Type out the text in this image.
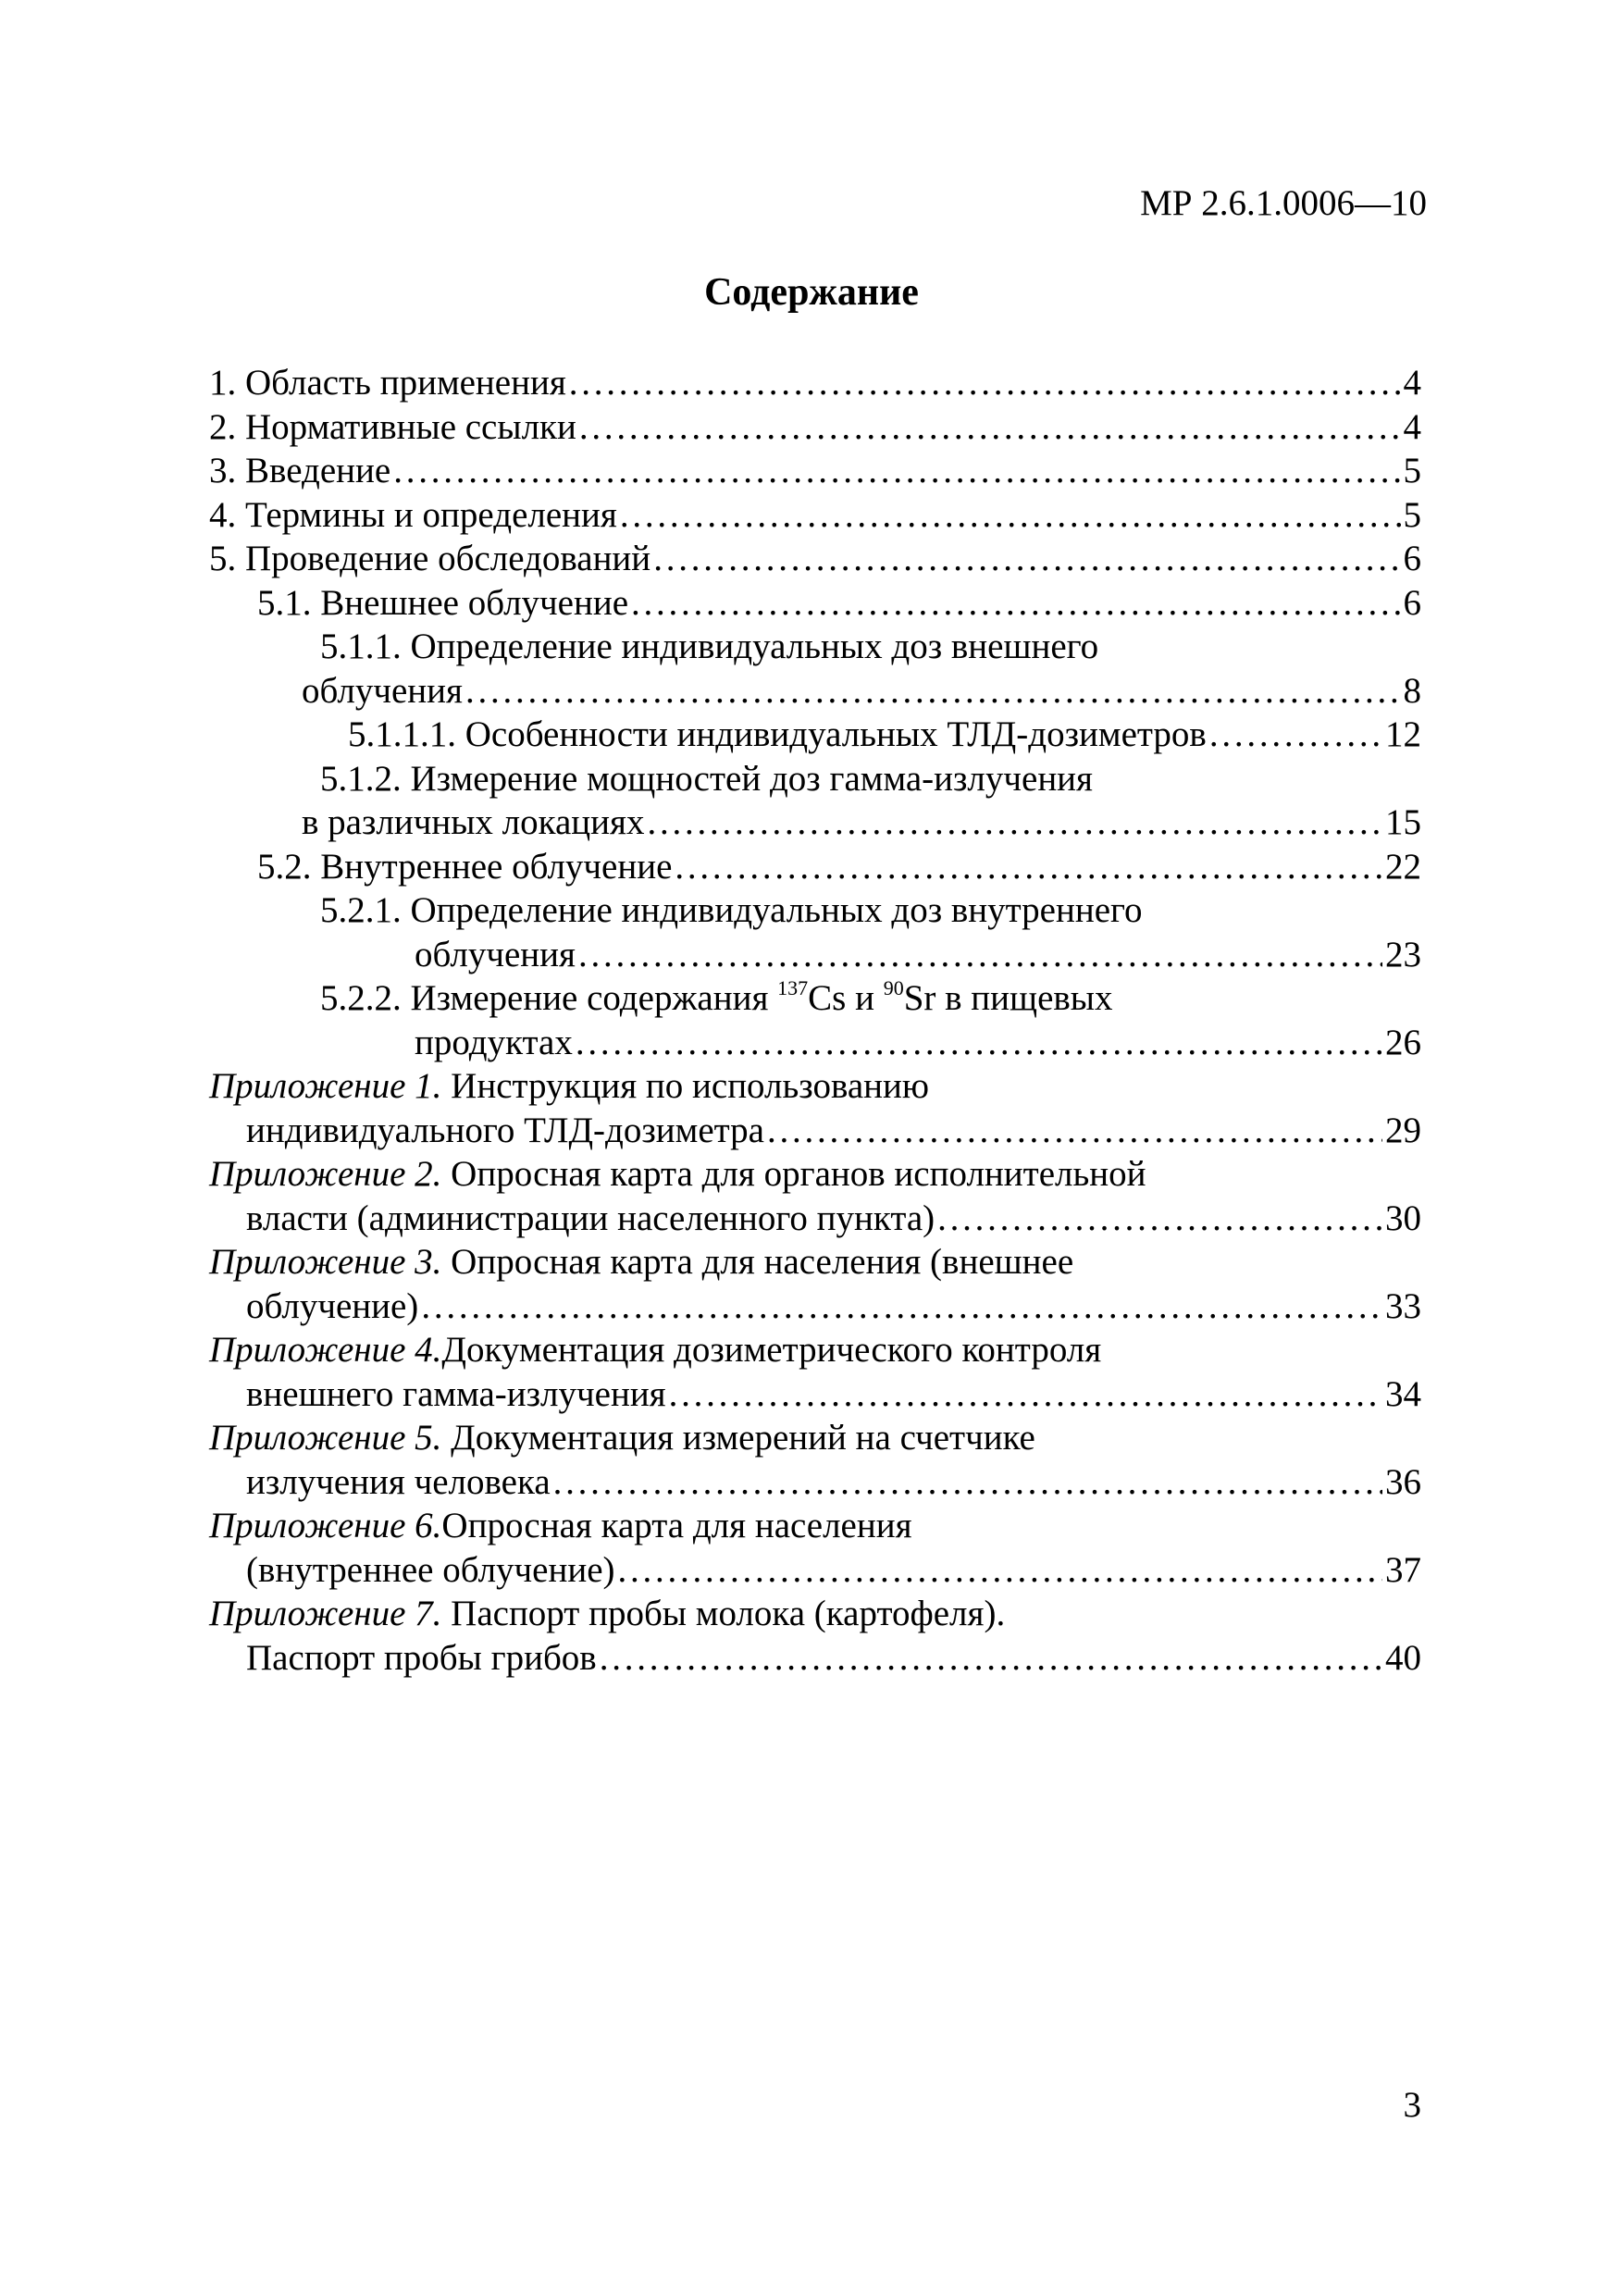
МР 2.6.1.0006—10
Содержание
1. Область применения . . .	4
2. Нормативные ссылки . . .	4
3. Введение . . .	5
4. Термины и определения . . .	5
5. Проведение обследований . . .	6
5.1. Внешнее облучение . . .	6
5.1.1. Определение индивидуальных доз внешнего
облучения . . .	8
5.1.1.1. Особенности индивидуальных ТЛД-дозиметров . . .	12
5.1.2. Измерение мощностей доз гамма-излучения
в различных локациях . . .	15
5.2. Внутреннее облучение . . .	22
5.2.1. Определение индивидуальных доз внутреннего
облучения . . .	23
5.2.2. Измерение содержания $^{137}$Cs и $^{90}$Sr в пищевых
продуктах . . .	26
Приложение 1. Инструкция по использованию
индивидуального ТЛД-дозиметра . . .	29
Приложение 2. Опросная карта для органов исполнительной
власти (администрации населенного пункта) . . .	30
Приложение 3. Опросная карта для населения (внешнее
облучение) . . .	33
Приложение 4.Документация дозиметрического контроля
внешнего гамма-излучения . . .	34
Приложение 5. Документация измерений на счетчике
излучения человека . . .	36
Приложение 6.Опросная карта для населения
(внутреннее облучение) . . .	37
Приложение 7. Паспорт пробы молока (картофеля).
Паспорт пробы грибов . . .	40
3
